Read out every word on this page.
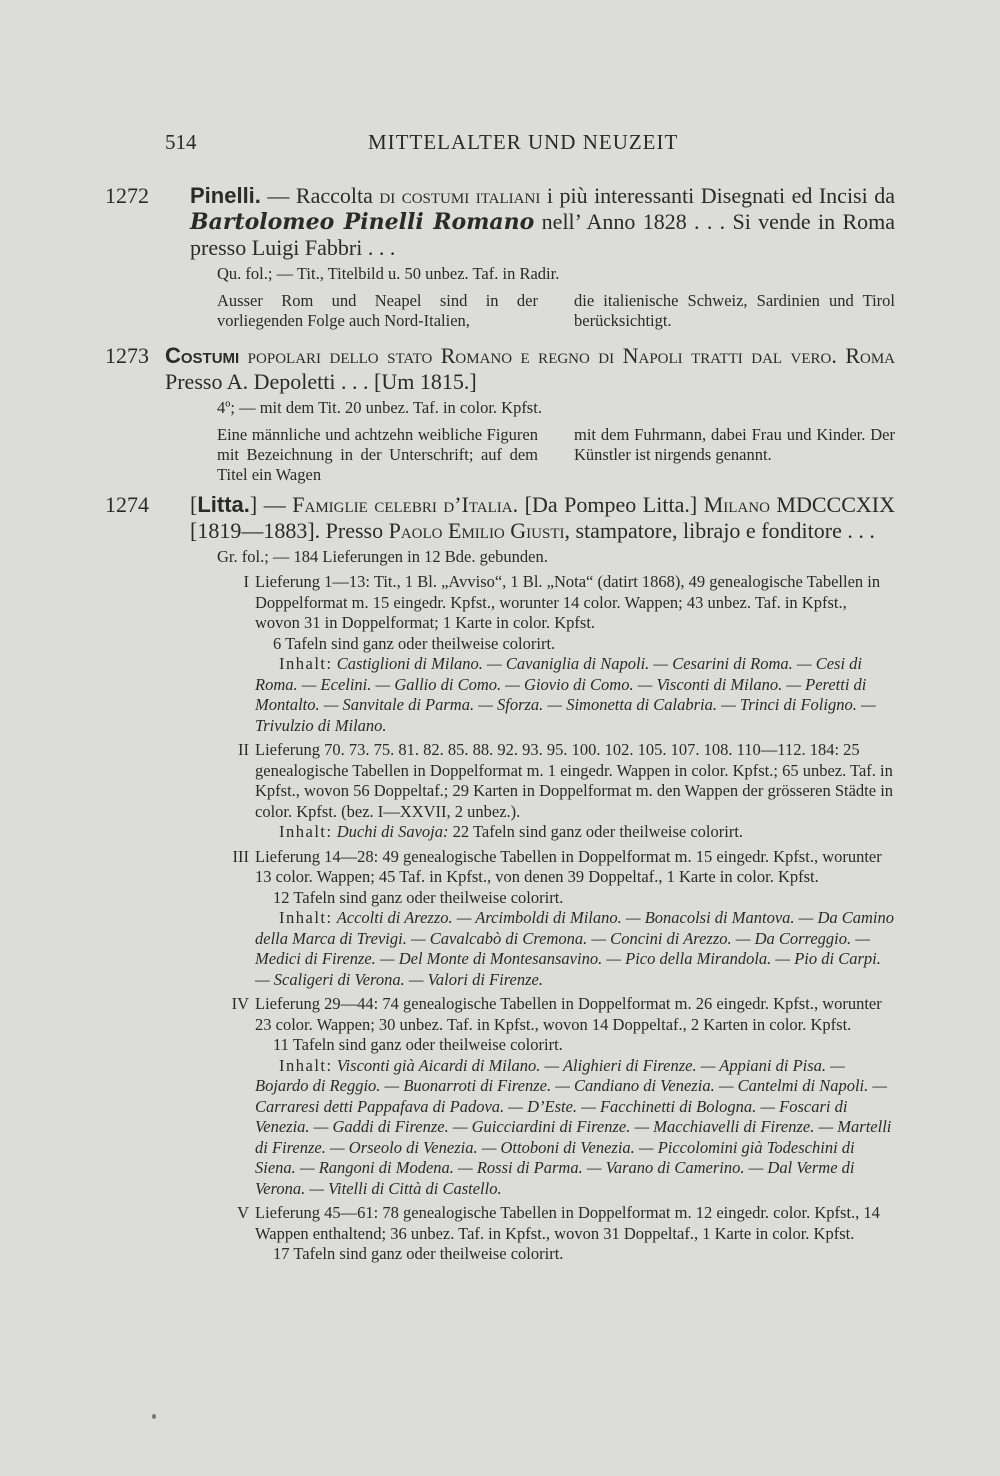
514	MITTELALTER UND NEUZEIT
1272 Pinelli. — Raccolta di costumi italiani i più interessanti Disegnati ed Incisi da Bartolomeo Pinelli Romano nell’ Anno 1828 . . . Si vende in Roma presso Luigi Fabbri . . .
Qu. fol.; — Tit., Titelbild u. 50 unbez. Taf. in Radir.
Ausser Rom und Neapel sind in der vorliegenden Folge auch Nord-Italien,
die italienische Schweiz, Sardinien und Tirol berücksichtigt.
1273 Costumi popolari dello stato Romano e regno di Napoli tratti dal vero. Roma Presso A. Depoletti . . . [Um 1815.]
4º; — mit dem Tit. 20 unbez. Taf. in color. Kpfst.
Eine männliche und achtzehn weibliche Figuren mit Bezeichnung in der Unterschrift; auf dem Titel ein Wagen
mit dem Fuhrmann, dabei Frau und Kinder. Der Künstler ist nirgends genannt.
1274 [Litta.] — Famiglie celebri d’Italia. [Da Pompeo Litta.] Milano MDCCCXIX [1819—1883]. Presso Paolo Emilio Giusti, stampatore, librajo e fonditore . . .
Gr. fol.; — 184 Lieferungen in 12 Bde. gebunden.
I Lieferung 1—13: Tit., 1 Bl. „Avviso“, 1 Bl. „Nota“ (datirt 1868), 49 genealogische Tabellen in Doppelformat m. 15 eingedr. Kpfst., worunter 14 color. Wappen; 43 unbez. Taf. in Kpfst., wovon 31 in Doppelformat; 1 Karte in color. Kpfst.
6 Tafeln sind ganz oder theilweise colorirt.
Inhalt: Castiglioni di Milano. — Cavaniglia di Napoli. — Cesarini di Roma. — Cesi di Roma. — Ecelini. — Gallio di Como. — Giovio di Como. — Visconti di Milano. — Peretti di Montalto. — Sanvitale di Parma. — Sforza. — Simonetta di Calabria. — Trinci di Foligno. — Trivulzio di Milano.
II Lieferung 70. 73. 75. 81. 82. 85. 88. 92. 93. 95. 100. 102. 105. 107. 108. 110—112. 184: 25 genealogische Tabellen in Doppelformat m. 1 eingedr. Wappen in color. Kpfst.; 65 unbez. Taf. in Kpfst., wovon 56 Doppeltaf.; 29 Karten in Doppelformat m. den Wappen der grösseren Städte in color. Kpfst. (bez. I—XXVII, 2 unbez.).
Inhalt: Duchi di Savoja: 22 Tafeln sind ganz oder theilweise colorirt.
III Lieferung 14—28: 49 genealogische Tabellen in Doppelformat m. 15 eingedr. Kpfst., worunter 13 color. Wappen; 45 Taf. in Kpfst., von denen 39 Doppeltaf., 1 Karte in color. Kpfst.
12 Tafeln sind ganz oder theilweise colorirt.
Inhalt: Accolti di Arezzo. — Arcimboldi di Milano. — Bonacolsi di Mantova. — Da Camino della Marca di Trevigi. — Cavalcabò di Cremona. — Concini di Arezzo. — Da Correggio. — Medici di Firenze. — Del Monte di Montesansavino. — Pico della Mirandola. — Pio di Carpi. — Scaligeri di Verona. — Valori di Firenze.
IV Lieferung 29—44: 74 genealogische Tabellen in Doppelformat m. 26 eingedr. Kpfst., worunter 23 color. Wappen; 30 unbez. Taf. in Kpfst., wovon 14 Doppeltaf., 2 Karten in color. Kpfst.
11 Tafeln sind ganz oder theilweise colorirt.
Inhalt: Visconti già Aicardi di Milano. — Alighieri di Firenze. — Appiani di Pisa. — Bojardo di Reggio. — Buonarroti di Firenze. — Candiano di Venezia. — Cantelmi di Napoli. — Carraresi detti Pappafava di Padova. — D’Este. — Facchinetti di Bologna. — Foscari di Venezia. — Gaddi di Firenze. — Guicciardini di Firenze. — Macchiavelli di Firenze. — Martelli di Firenze. — Orseolo di Venezia. — Ottoboni di Venezia. — Piccolomini già Todeschini di Siena. — Rangoni di Modena. — Rossi di Parma. — Varano di Camerino. — Dal Verme di Verona. — Vitelli di Città di Castello.
V Lieferung 45—61: 78 genealogische Tabellen in Doppelformat m. 12 eingedr. color. Kpfst., 14 Wappen enthaltend; 36 unbez. Taf. in Kpfst., wovon 31 Doppeltaf., 1 Karte in color. Kpfst.
17 Tafeln sind ganz oder theilweise colorirt.
